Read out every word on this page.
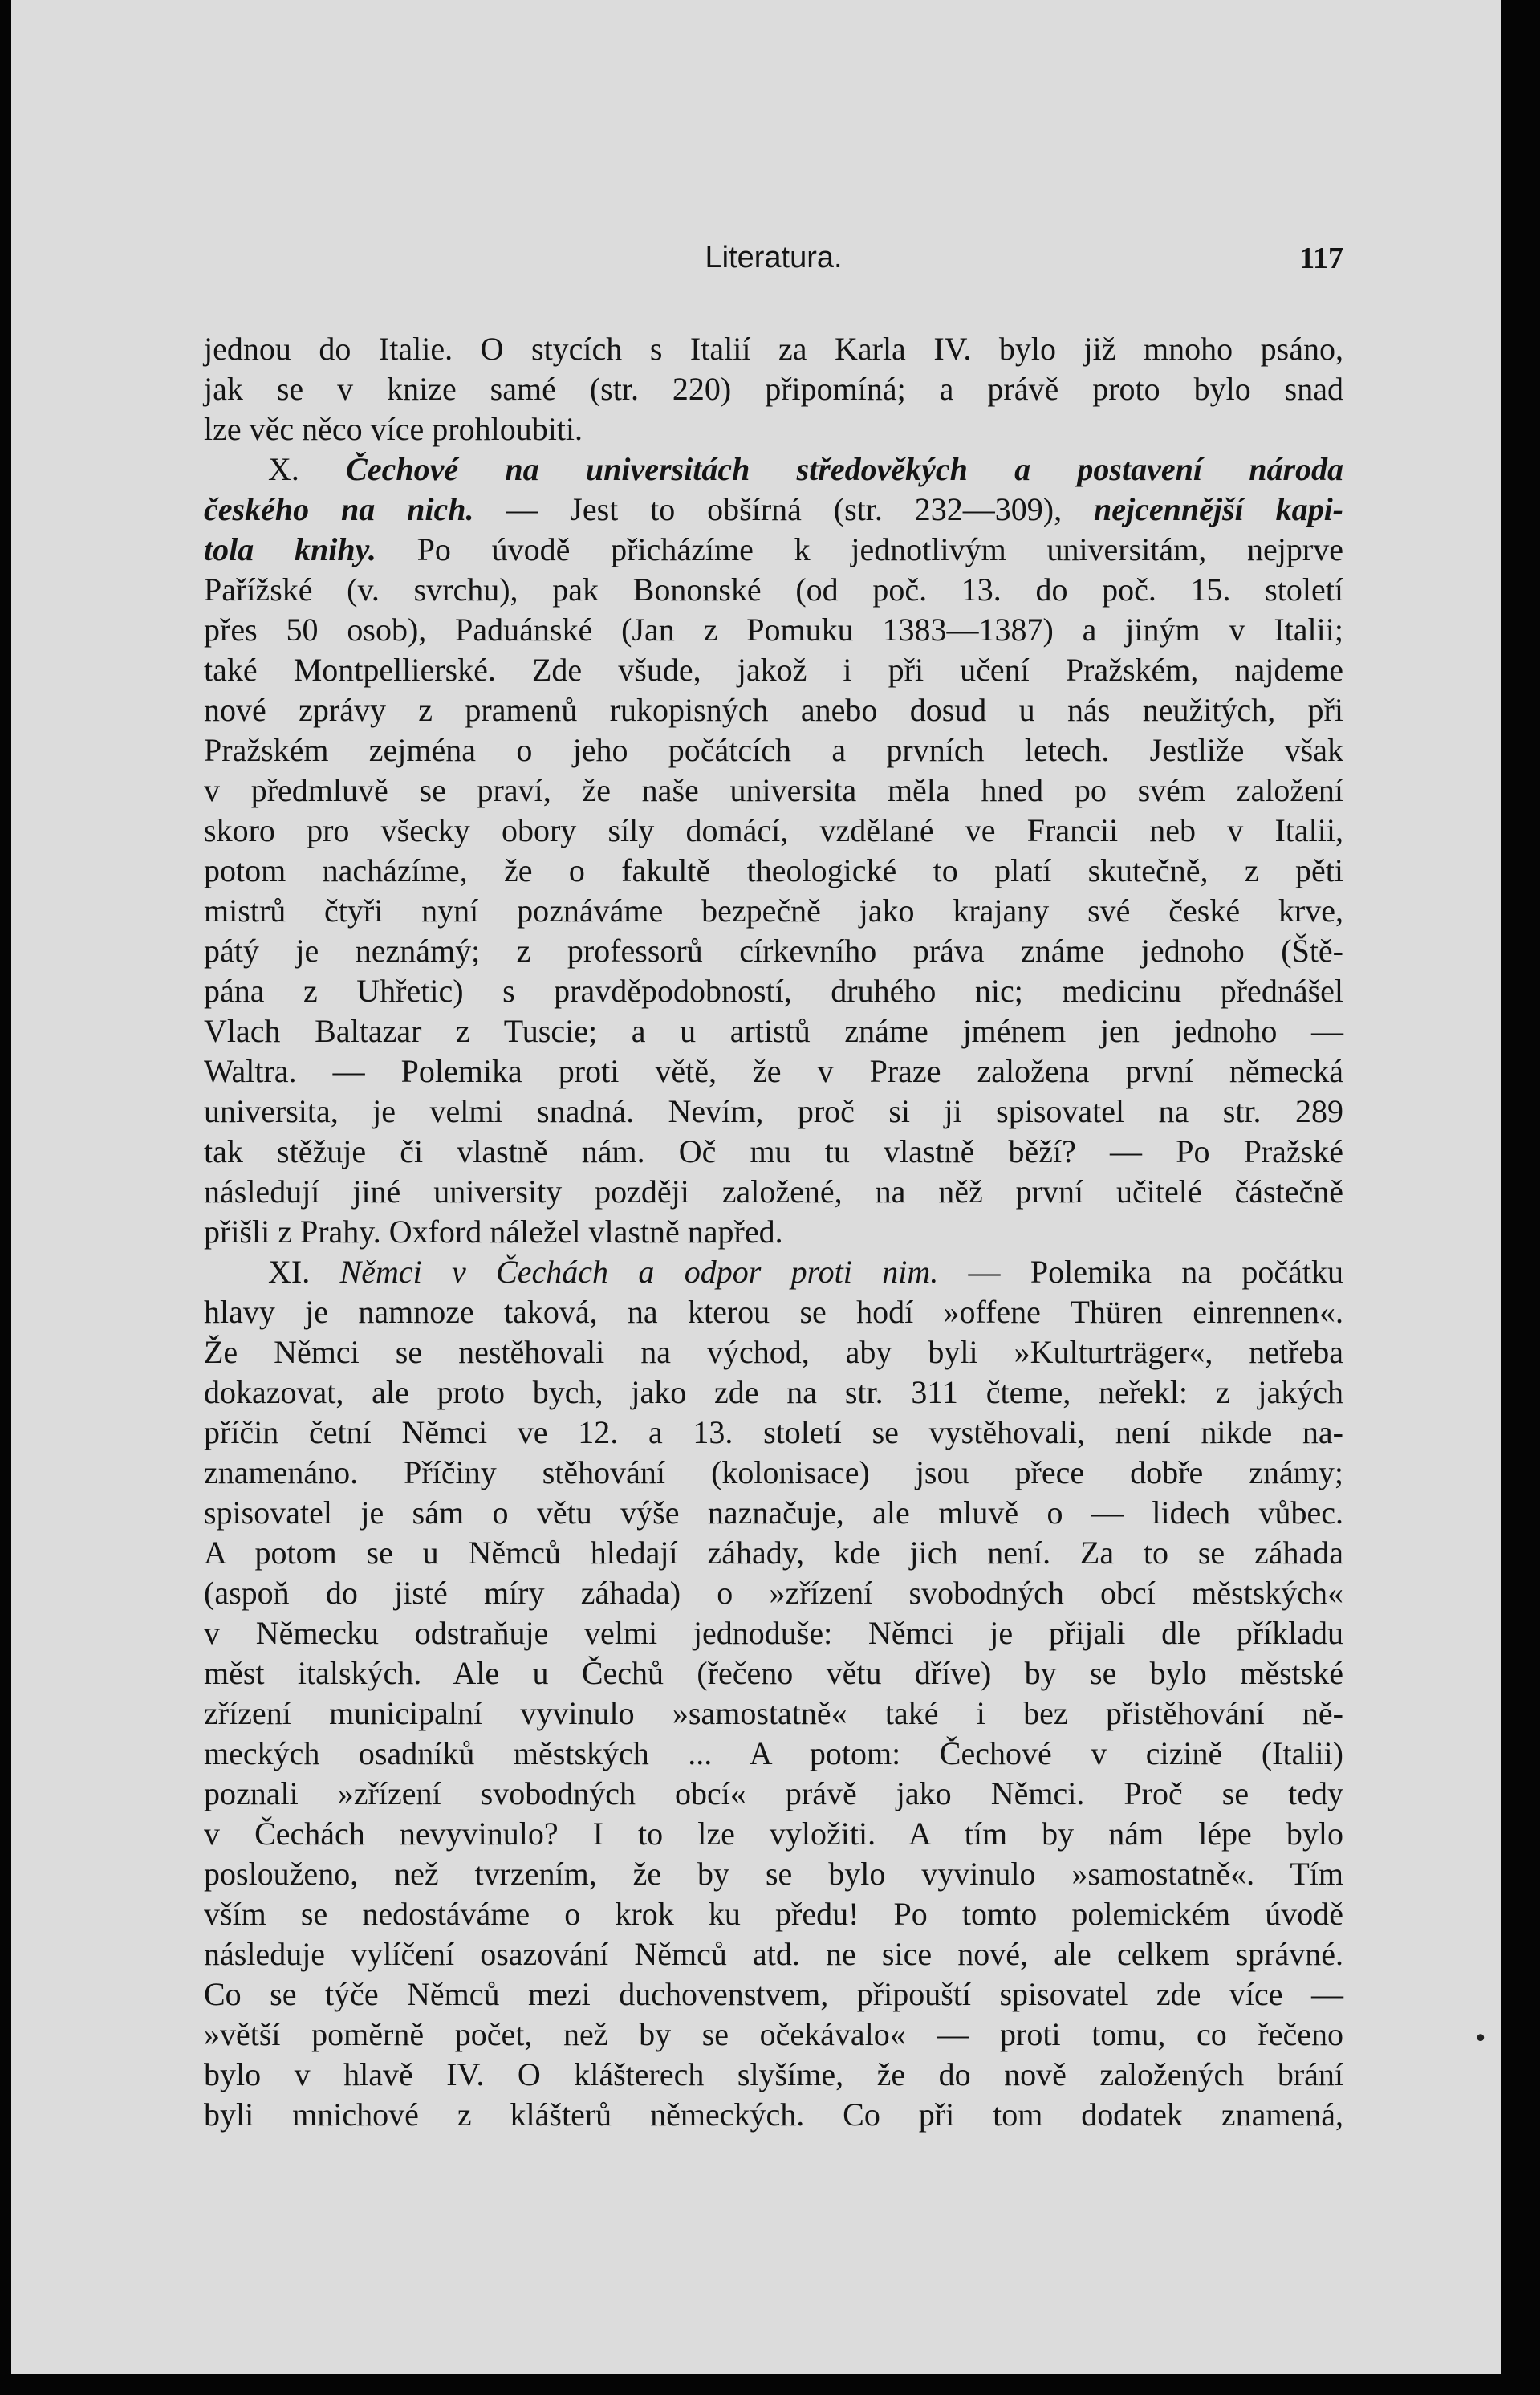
Literatura.	117
jednou do Italie. O stycích s Italií za Karla IV. bylo již mnoho psáno,
jak se v knize samé (str. 220) připomíná; a právě proto bylo snad
lze věc něco více prohloubiti.
X. Čechové na universitách středověkých a postavení národa
českého na nich. — Jest to obšírná (str. 232—309), nejcennější kapi-
tola knihy. Po úvodě přicházíme k jednotlivým universitám, nejprve
Pařížské (v. svrchu), pak Bononské (od poč. 13. do poč. 15. století
přes 50 osob), Paduánské (Jan z Pomuku 1383—1387) a jiným v Italii;
také Montpellierské. Zde všude, jakož i při učení Pražském, najdeme
nové zprávy z pramenů rukopisných anebo dosud u nás neužitých, při
Pražském zejména o jeho počátcích a prvních letech. Jestliže však
v předmluvě se praví, že naše universita měla hned po svém založení
skoro pro všecky obory síly domácí, vzdělané ve Francii neb v Italii,
potom nacházíme, že o fakultě theologické to platí skutečně, z pěti
mistrů čtyři nyní poznáváme bezpečně jako krajany své české krve,
pátý je neznámý; z professorů církevního práva známe jednoho (Ště-
pána z Uhřetic) s pravděpodobností, druhého nic; medicinu přednášel
Vlach Baltazar z Tuscie; a u artistů známe jménem jen jednoho —
Waltra. — Polemika proti větě, že v Praze založena první německá
universita, je velmi snadná. Nevím, proč si ji spisovatel na str. 289
tak stěžuje či vlastně nám. Oč mu tu vlastně běží? — Po Pražské
následují jiné university později založené, na něž první učitelé částečně
přišli z Prahy. Oxford náležel vlastně napřed.
XI. Němci v Čechách a odpor proti nim. — Polemika na počátku
hlavy je namnoze taková, na kterou se hodí »offene Thüren einrennen«.
Že Němci se nestěhovali na východ, aby byli »Kulturträger«, netřeba
dokazovat, ale proto bych, jako zde na str. 311 čteme, neřekl: z jakých
příčin četní Němci ve 12. a 13. století se vystěhovali, není nikde na-
znamenáno. Příčiny stěhování (kolonisace) jsou přece dobře známy;
spisovatel je sám o větu výše naznačuje, ale mluvě o — lidech vůbec.
A potom se u Němců hledají záhady, kde jich není. Za to se záhada
(aspoň do jisté míry záhada) o »zřízení svobodných obcí městských«
v Německu odstraňuje velmi jednoduše: Němci je přijali dle příkladu
měst italských. Ale u Čechů (řečeno větu dříve) by se bylo městské
zřízení municipalní vyvinulo »samostatně« také i bez přistěhování ně-
meckých osadníků městských ... A potom: Čechové v cizině (Italii)
poznali »zřízení svobodných obcí« právě jako Němci. Proč se tedy
v Čechách nevyvinulo? I to lze vyložiti. A tím by nám lépe bylo
poslouženo, než tvrzením, že by se bylo vyvinulo »samostatně«. Tím
vším se nedostáváme o krok ku předu! Po tomto polemickém úvodě
následuje vylíčení osazování Němců atd. ne sice nové, ale celkem správné.
Co se týče Němců mezi duchovenstvem, připouští spisovatel zde více —
»větší poměrně počet, než by se očekávalo« — proti tomu, co řečeno
bylo v hlavě IV. O klášterech slyšíme, že do nově založených brání
byli mnichové z klášterů německých. Co při tom dodatek znamená,
•
